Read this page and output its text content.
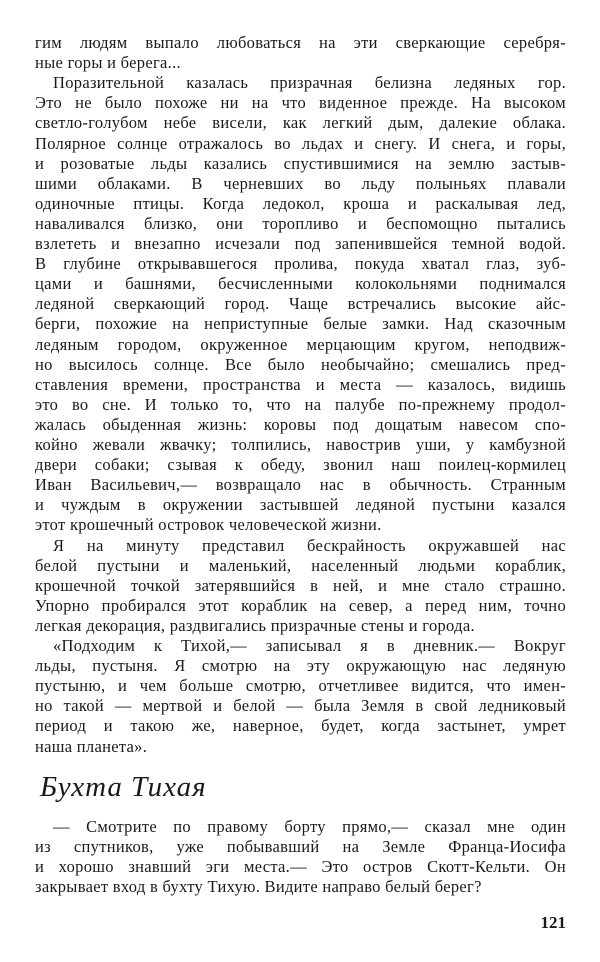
гим людям выпало любоваться на эти сверкающие серебря-
ные горы и берега...
Поразительной казалась призрачная белизна ледяных гор.
Это не было похоже ни на что виденное прежде. На высоком
светло-голубом небе висели, как легкий дым, далекие облака.
Полярное солнце отражалось во льдах и снегу. И снега, и горы,
и розоватые льды казались спустившимися на землю застыв-
шими облаками. В черневших во льду полыньях плавали
одиночные птицы. Когда ледокол, кроша и раскалывая лед,
наваливался близко, они торопливо и беспомощно пытались
взлететь и внезапно исчезали под запенившейся темной водой.
В глубине открывавшегося пролива, покуда хватал глаз, зуб-
цами и башнями, бесчисленными колокольнями поднимался
ледяной сверкающий город. Чаще встречались высокие айс-
берги, похожие на неприступные белые замки. Над сказочным
ледяным городом, окруженное мерцающим кругом, неподвиж-
но высилось солнце. Все было необычайно; смешались пред-
ставления времени, пространства и места — казалось, видишь
это во сне. И только то, что на палубе по-прежнему продол-
жалась обыденная жизнь: коровы под дощатым навесом спо-
койно жевали жвачку; толпились, навострив уши, у камбузной
двери собаки; сзывая к обеду, звонил наш поилец-кормилец
Иван Васильевич,— возвращало нас в обычность. Странным
и чуждым в окружении застывшей ледяной пустыни казался
этот крошечный островок человеческой жизни.
Я на минуту представил бескрайность окружавшей нас
белой пустыни и маленький, населенный людьми кораблик,
крошечной точкой затерявшийся в ней, и мне стало страшно.
Упорно пробирался этот кораблик на север, а перед ним, точно
легкая декорация, раздвигались призрачные стены и города.
«Подходим к Тихой,— записывал я в дневник.— Вокруг
льды, пустыня. Я смотрю на эту окружающую нас ледяную
пустыню, и чем больше смотрю, отчетливее видится, что имен-
но такой — мертвой и белой — была Земля в свой ледниковый
период и такою же, наверное, будет, когда застынет, умрет
наша планета».
Бухта Тихая
— Смотрите по правому борту прямо,— сказал мне один
из спутников, уже побывавший на Земле Франца-Иосифа
и хорошо знавший эги места.— Это остров Скотт-Кельти. Он
закрывает вход в бухту Тихую. Видите направо белый берег?
121
